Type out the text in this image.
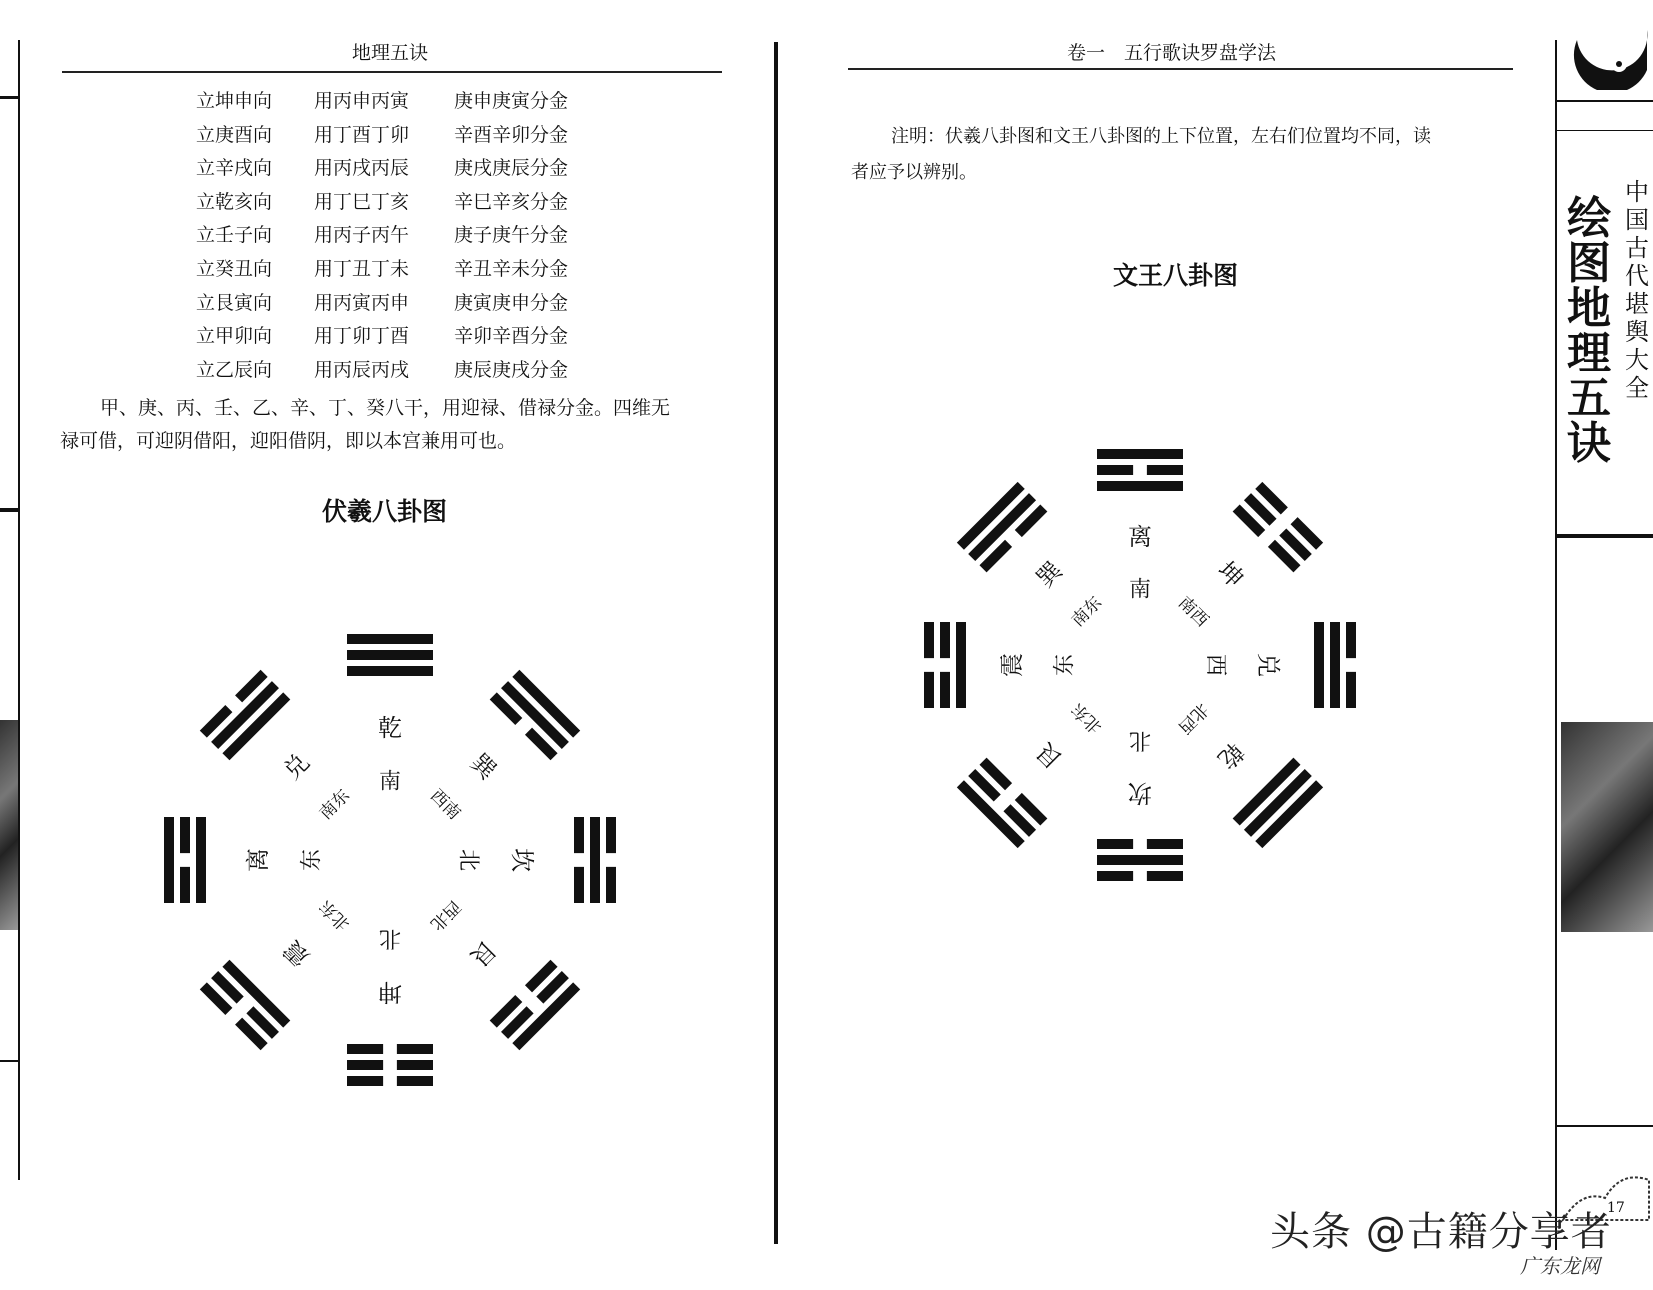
地理五诀
立坤申向 用丙申丙寅 庚申庚寅分金
立庚酉向 用丁酉丁卯 辛酉辛卯分金
立辛戌向 用丙戌丙辰 庚戌庚辰分金
立乾亥向 用丁巳丁亥 辛巳辛亥分金
立壬子向 用丙子丙午 庚子庚午分金
立癸丑向 用丁丑丁未 辛丑辛未分金
立艮寅向 用丙寅丙申 庚寅庚申分金
立甲卯向 用丁卯丁酉 辛卯辛酉分金
立乙辰向 用丙辰丙戌 庚辰庚戌分金
甲、庚、丙、壬、乙、辛、丁、癸八干，用迎禄、借禄分金。四维无
禄可借，可迎阴借阳，迎阳借阴，即以本宫兼用可也。
伏羲八卦图
坤
北
震
北东
离 东
兑
南东
乾
南	巽
西南
坎
北
艮
西北
卷一　五行歌诀罗盘学法
注明：伏羲八卦图和文王八卦图的上下位置，左右们位置均不同，读
者应予以辨别。
文王八卦图
坎
北
艮
北东
震 东
巽
南东
离
南	坤
南西
兑
西
乾
北西
绘
图
地
理
五
诀
中
国
古
代
堪
舆
大
全
17
头条 @古籍分享者
广东龙网
